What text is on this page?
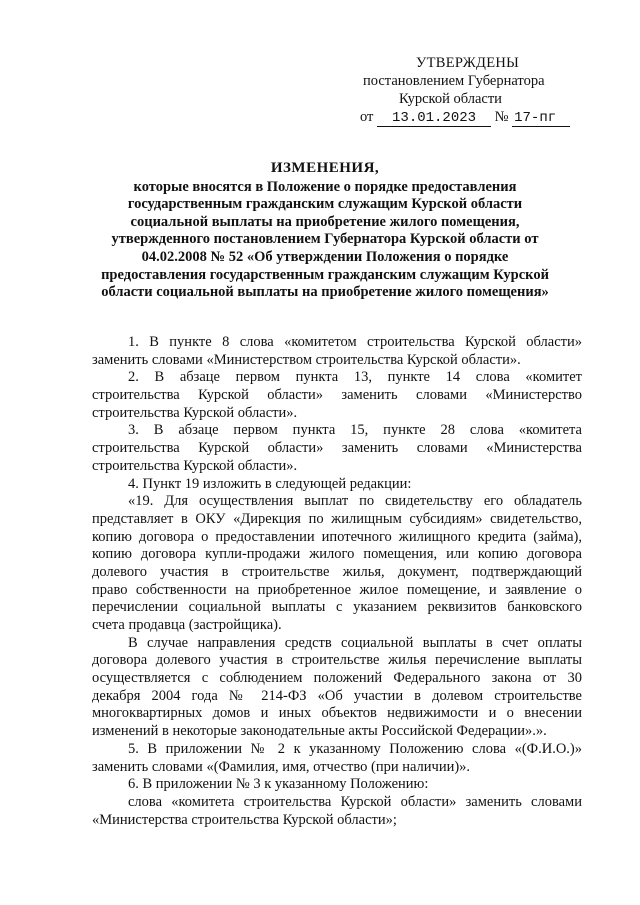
УТВЕРЖДЕНЫ
постановлением Губернатора
Курской области
от 13.01.2023 № 17-пг
ИЗМЕНЕНИЯ,
которые вносятся в Положение о порядке предоставления
государственным гражданским служащим Курской области
социальной выплаты на приобретение жилого помещения,
утвержденного постановлением Губернатора Курской области от
04.02.2008 № 52 «Об утверждении Положения о порядке
предоставления государственным гражданским служащим Курской
области социальной выплаты на приобретение жилого помещения»
1. В пункте 8 слова «комитетом строительства Курской области»
заменить словами «Министерством строительства Курской области».
2. В абзаце первом пункта 13, пункте 14 слова «комитет
строительства Курской области» заменить словами «Министерство
строительства Курской области».
3. В абзаце первом пункта 15, пункте 28 слова «комитета
строительства Курской области» заменить словами «Министерства
строительства Курской области».
4. Пункт 19 изложить в следующей редакции:
«19. Для осуществления выплат по свидетельству его обладатель
представляет в ОКУ «Дирекция по жилищным субсидиям» свидетельство,
копию договора о предоставлении ипотечного жилищного кредита (займа),
копию договора купли-продажи жилого помещения, или копию договора
долевого участия в строительстве жилья, документ, подтверждающий
право собственности на приобретенное жилое помещение, и заявление о
перечислении социальной выплаты с указанием реквизитов банковского
счета продавца (застройщика).
В случае направления средств социальной выплаты в счет оплаты
договора долевого участия в строительстве жилья перечисление выплаты
осуществляется с соблюдением положений Федерального закона от 30
декабря 2004 года № 214-ФЗ «Об участии в долевом строительстве
многоквартирных домов и иных объектов недвижимости и о внесении
изменений в некоторые законодательные акты Российской Федерации».».
5. В приложении № 2 к указанному Положению слова «(Ф.И.О.)»
заменить словами «(Фамилия, имя, отчество (при наличии)».
6. В приложении № 3 к указанному Положению:
слова «комитета строительства Курской области» заменить словами
«Министерства строительства Курской области»;
